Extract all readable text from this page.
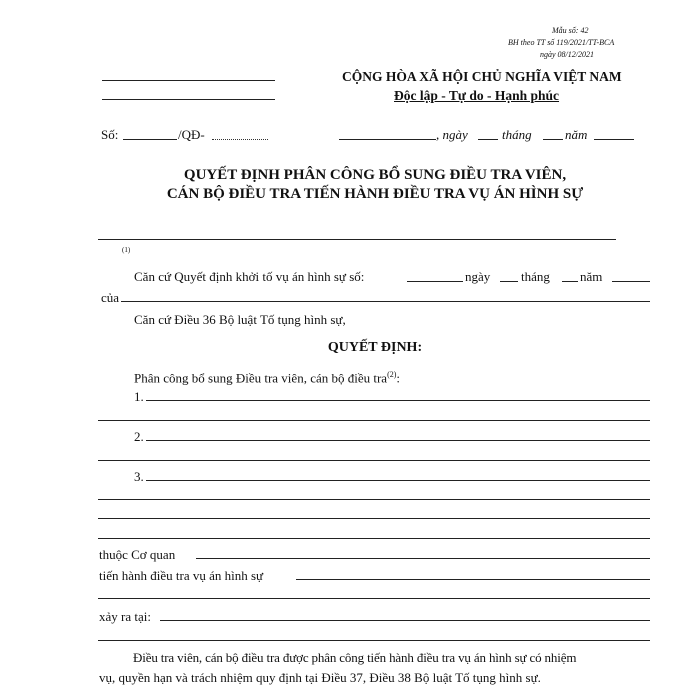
Mẫu số: 42
BH theo TT số 119/2021/TT-BCA
ngày 08/12/2021
CỘNG HÒA XÃ HỘI CHỦ NGHĨA VIỆT NAM
Độc lập - Tự do - Hạnh phúc
Số:	/QĐ-	, ngày	tháng	năm
QUYẾT ĐỊNH PHÂN CÔNG BỔ SUNG ĐIỀU TRA VIÊN,
CÁN BỘ ĐIỀU TRA TIẾN HÀNH ĐIỀU TRA VỤ ÁN HÌNH SỰ
(1)
Căn cứ Quyết định khởi tố vụ án hình sự số:	ngày tháng năm
của
Căn cứ Điều 36 Bộ luật Tố tụng hình sự,
QUYẾT ĐỊNH:
Phân công bổ sung Điều tra viên, cán bộ điều tra$^{(2)}$:
1.
2.
3.
thuộc Cơ quan
tiến hành điều tra vụ án hình sự
xảy ra tại:
Điều tra viên, cán bộ điều tra được phân công tiến hành điều tra vụ án hình sự có nhiệm
vụ, quyền hạn và trách nhiệm quy định tại Điều 37, Điều 38 Bộ luật Tố tụng hình sự.
